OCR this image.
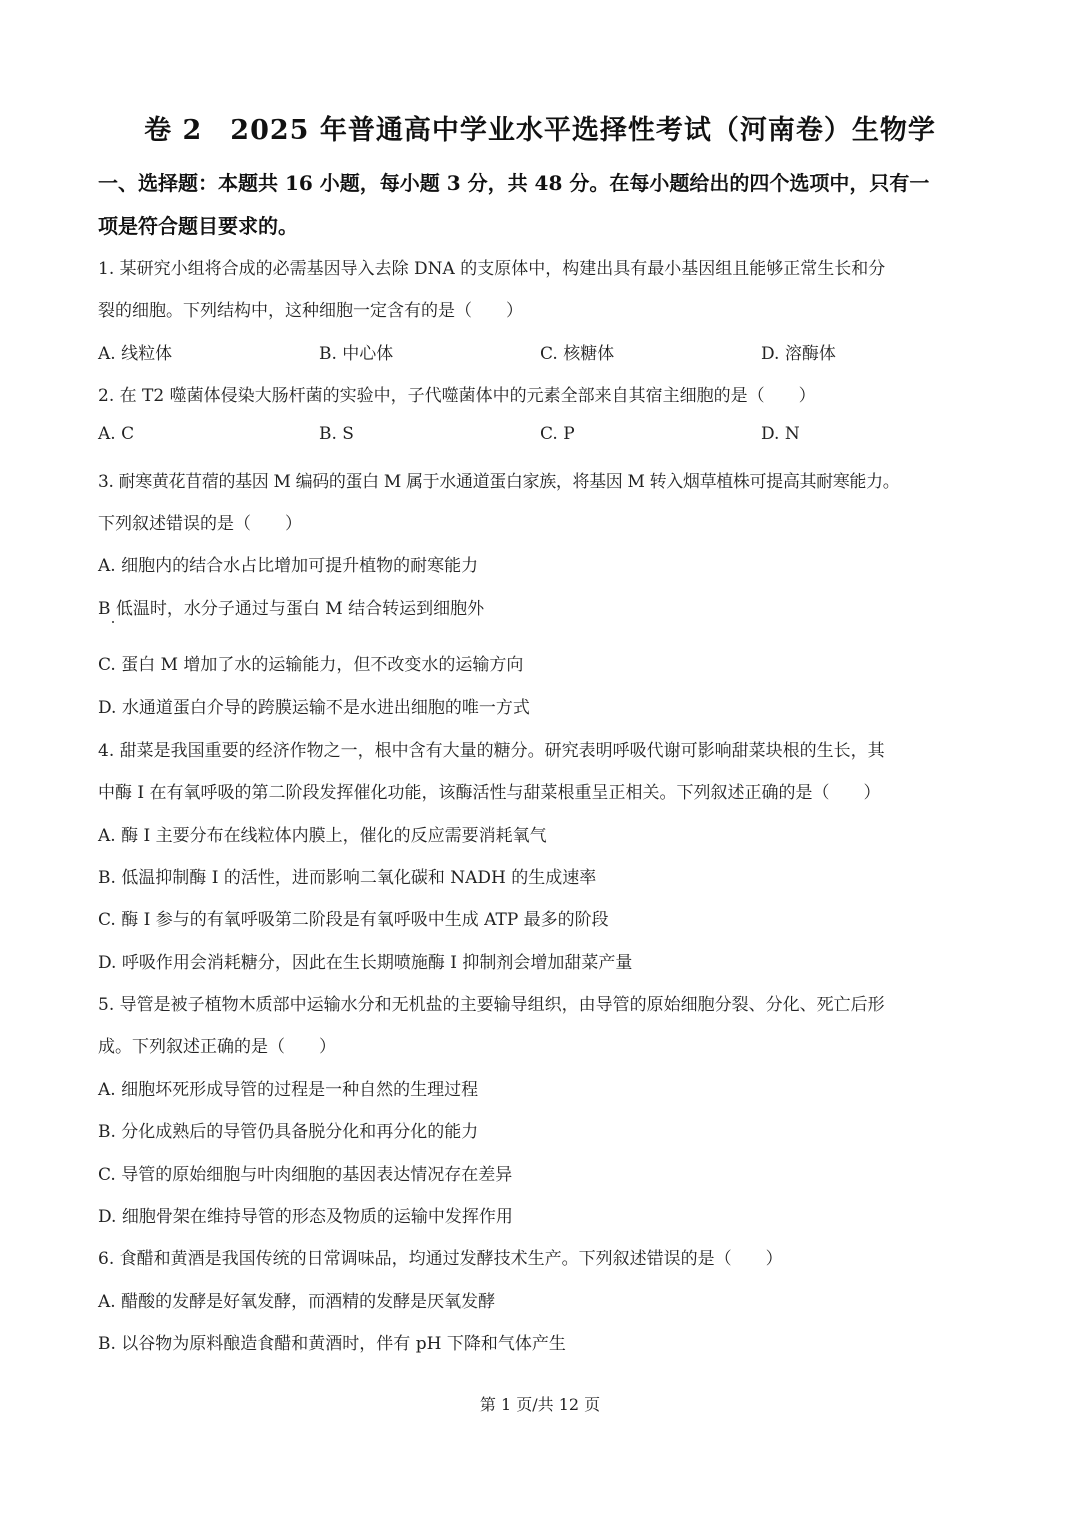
卷 2　2025 年普通高中学业水平选择性考试（河南卷）生物学
一、选择题：本题共 16 小题，每小题 3 分，共 48 分。在每小题给出的四个选项中，只有一
项是符合题目要求的。
1. 某研究小组将合成的必需基因导入去除 DNA 的支原体中，构建出具有最小基因组且能够正常生长和分
裂的细胞。下列结构中，这种细胞一定含有的是（　　）
A. 线粒体	B. 中心体	C. 核糖体	D. 溶酶体
2. 在 T2 噬菌体侵染大肠杆菌的实验中，子代噬菌体中的元素全部来自其宿主细胞的是（　　）
A. C	B. S	C. P	D. N
3. 耐寒黄花苜蓿的基因 M 编码的蛋白 M 属于水通道蛋白家族，将基因 M 转入烟草植株可提高其耐寒能力。
下列叙述错误的是（　　）
A. 细胞内的结合水占比增加可提升植物的耐寒能力
B 低温时，水分子通过与蛋白 M 结合转运到细胞外
C. 蛋白 M 增加了水的运输能力，但不改变水的运输方向
D. 水通道蛋白介导的跨膜运输不是水进出细胞的唯一方式
4. 甜菜是我国重要的经济作物之一，根中含有大量的糖分。研究表明呼吸代谢可影响甜菜块根的生长，其
中酶 Ⅰ 在有氧呼吸的第二阶段发挥催化功能，该酶活性与甜菜根重呈正相关。下列叙述正确的是（　　）
A. 酶 Ⅰ 主要分布在线粒体内膜上，催化的反应需要消耗氧气
B. 低温抑制酶 Ⅰ 的活性，进而影响二氧化碳和 NADH 的生成速率
C. 酶 Ⅰ 参与的有氧呼吸第二阶段是有氧呼吸中生成 ATP 最多的阶段
D. 呼吸作用会消耗糖分，因此在生长期喷施酶 Ⅰ 抑制剂会增加甜菜产量
5. 导管是被子植物木质部中运输水分和无机盐的主要输导组织，由导管的原始细胞分裂、分化、死亡后形
成。下列叙述正确的是（　　）
A. 细胞坏死形成导管的过程是一种自然的生理过程
B. 分化成熟后的导管仍具备脱分化和再分化的能力
C. 导管的原始细胞与叶肉细胞的基因表达情况存在差异
D. 细胞骨架在维持导管的形态及物质的运输中发挥作用
6. 食醋和黄酒是我国传统的日常调味品，均通过发酵技术生产。下列叙述错误的是（　　）
A. 醋酸的发酵是好氧发酵，而酒精的发酵是厌氧发酵
B. 以谷物为原料酿造食醋和黄酒时，伴有 pH 下降和气体产生
第 1 页/共 12 页
